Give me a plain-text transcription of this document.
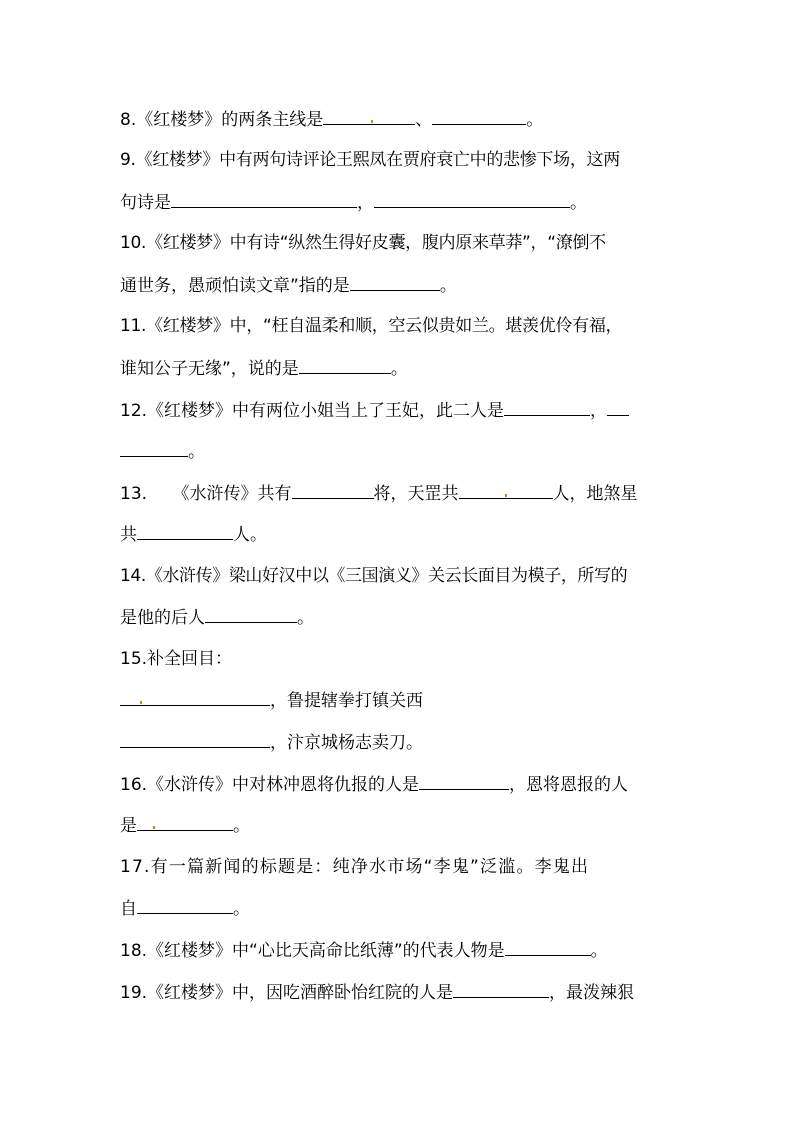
8.《红楼梦》的两条主线是	、	。
9.《红楼梦》中有两句诗评论王熙凤在贾府衰亡中的悲惨下场，这两
句诗是	，	。
10.《红楼梦》中有诗“纵然生得好皮囊，腹内原来草莽”，“潦倒不
通世务，愚顽怕读文章”指的是	。
11.《红楼梦》中，“枉自温柔和顺，空云似贵如兰。堪羡优伶有福，
谁知公子无缘”，说的是	。
12.《红楼梦》中有两位小姐当上了王妃，此二人是	，
。
13.　　《水浒传》共有	将，天罡共	人，地煞星
共	人。
14.《水浒传》梁山好汉中以《三国演义》关云长面目为模子，所写的
是他的后人	。
15.补全回目：
，鲁提辖拳打镇关西
，汴京城杨志卖刀。
16.《水浒传》中对林冲恩将仇报的人是	，恩将恩报的人
是	。
17.有一篇新闻的标题是：纯净水市场“李鬼”泛滥。李鬼出
自	。
18.《红楼梦》中“心比天高命比纸薄”的代表人物是	。
19.《红楼梦》中，因吃酒醉卧怡红院的人是	，最泼辣狠
